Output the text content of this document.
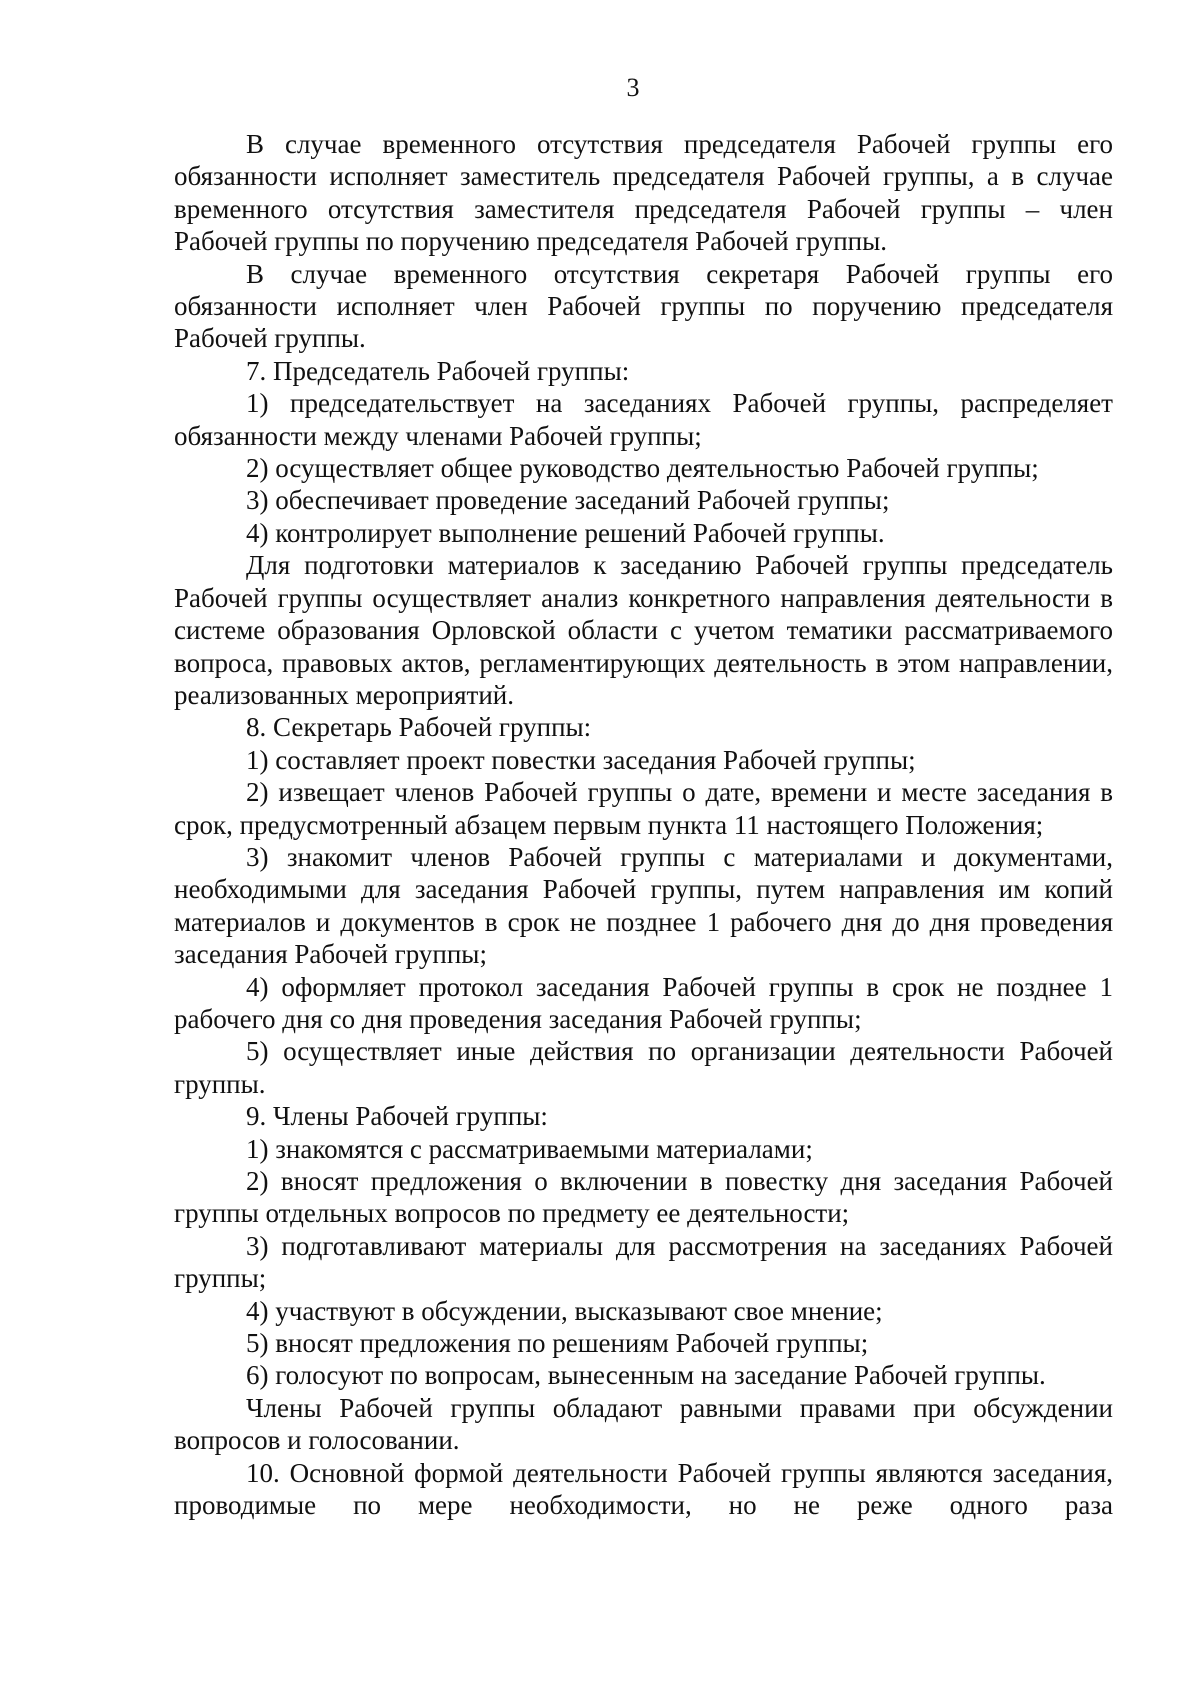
3

В случае временного отсутствия председателя Рабочей группы его обязанности исполняет заместитель председателя Рабочей группы, а в случае временного отсутствия заместителя председателя Рабочей группы – член Рабочей группы по поручению председателя Рабочей группы.

В случае временного отсутствия секретаря Рабочей группы его обязанности исполняет член Рабочей группы по поручению председателя Рабочей группы.

7. Председатель Рабочей группы:

1) председательствует на заседаниях Рабочей группы, распределяет обязанности между членами Рабочей группы;

2) осуществляет общее руководство деятельностью Рабочей группы;

3) обеспечивает проведение заседаний Рабочей группы;

4) контролирует выполнение решений Рабочей группы.

Для подготовки материалов к заседанию Рабочей группы председатель Рабочей группы осуществляет анализ конкретного направления деятельности в системе образования Орловской области с учетом тематики рассматриваемого вопроса, правовых актов, регламентирующих деятельность в этом направлении, реализованных мероприятий.

8. Секретарь Рабочей группы:

1) составляет проект повестки заседания Рабочей группы;

2) извещает членов Рабочей группы о дате, времени и месте заседания в срок, предусмотренный абзацем первым пункта 11 настоящего Положения;

3) знакомит членов Рабочей группы с материалами и документами, необходимыми для заседания Рабочей группы, путем направления им копий материалов и документов в срок не позднее 1 рабочего дня до дня проведения заседания Рабочей группы;

4) оформляет протокол заседания Рабочей группы в срок не позднее 1 рабочего дня со дня проведения заседания Рабочей группы;

5) осуществляет иные действия по организации деятельности Рабочей группы.

9. Члены Рабочей группы:

1) знакомятся с рассматриваемыми материалами;

2) вносят предложения о включении в повестку дня заседания Рабочей группы отдельных вопросов по предмету ее деятельности;

3) подготавливают материалы для рассмотрения на заседаниях Рабочей группы;

4) участвуют в обсуждении, высказывают свое мнение;

5) вносят предложения по решениям Рабочей группы;

6) голосуют по вопросам, вынесенным на заседание Рабочей группы.

Члены Рабочей группы обладают равными правами при обсуждении вопросов и голосовании.

10. Основной формой деятельности Рабочей группы являются заседания, проводимые по мере необходимости, но не реже одного раза
